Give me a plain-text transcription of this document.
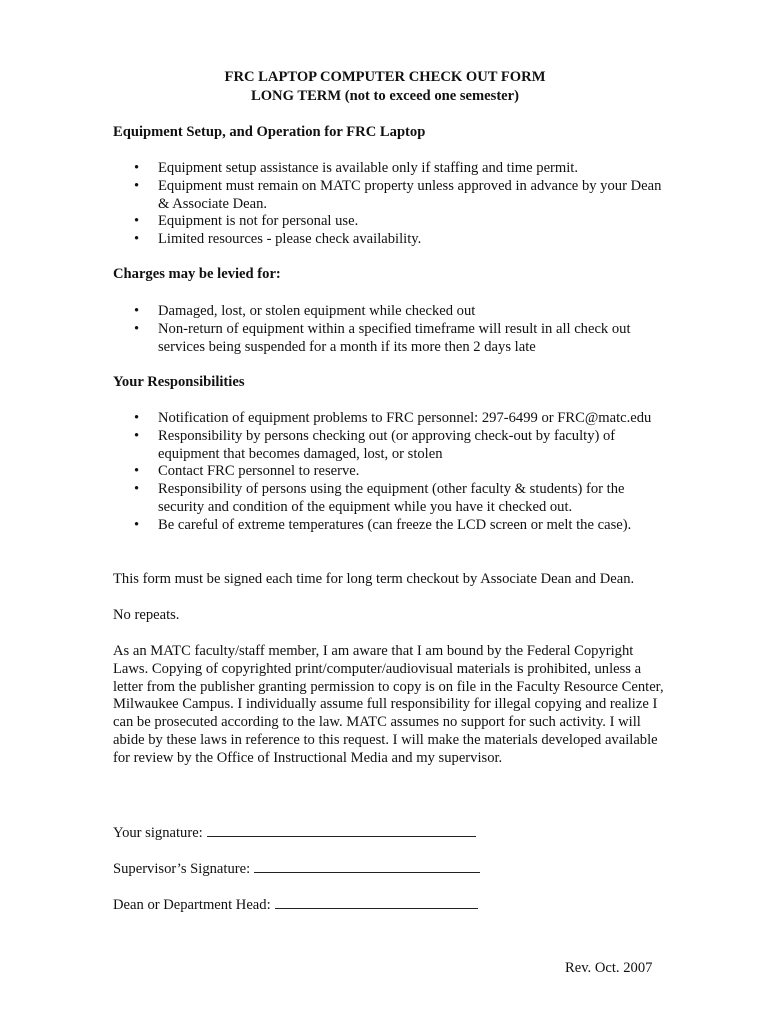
FRC LAPTOP COMPUTER CHECK OUT FORM
LONG TERM (not to exceed one semester)
Equipment Setup, and Operation for FRC Laptop
• Equipment setup assistance is available only if staffing and time permit.
• Equipment must remain on MATC property unless approved in advance by your Dean & Associate Dean.
• Equipment is not for personal use.
• Limited resources - please check availability.
Charges may be levied for:
• Damaged, lost, or stolen equipment while checked out
• Non-return of equipment within a specified timeframe will result in all check out services being suspended for a month if its more then 2 days late
Your Responsibilities
• Notification of equipment problems to FRC personnel: 297-6499 or FRC@matc.edu
• Responsibility by persons checking out (or approving check-out by faculty) of equipment that becomes damaged, lost, or stolen
• Contact FRC personnel to reserve.
• Responsibility of persons using the equipment (other faculty & students) for the security and condition of the equipment while you have it checked out.
• Be careful of extreme temperatures (can freeze the LCD screen or melt the case).

This form must be signed each time for long term checkout by Associate Dean and Dean.

No repeats.

As an MATC faculty/staff member, I am aware that I am bound by the Federal Copyright Laws. Copying of copyrighted print/computer/audiovisual materials is prohibited, unless a letter from the publisher granting permission to copy is on file in the Faculty Resource Center, Milwaukee Campus. I individually assume full responsibility for illegal copying and realize I can be prosecuted according to the law. MATC assumes no support for such activity. I will abide by these laws in reference to this request. I will make the materials developed available for review by the Office of Instructional Media and my supervisor.

Your signature:
Supervisor’s Signature:
Dean or Department Head:
Rev. Oct. 2007
